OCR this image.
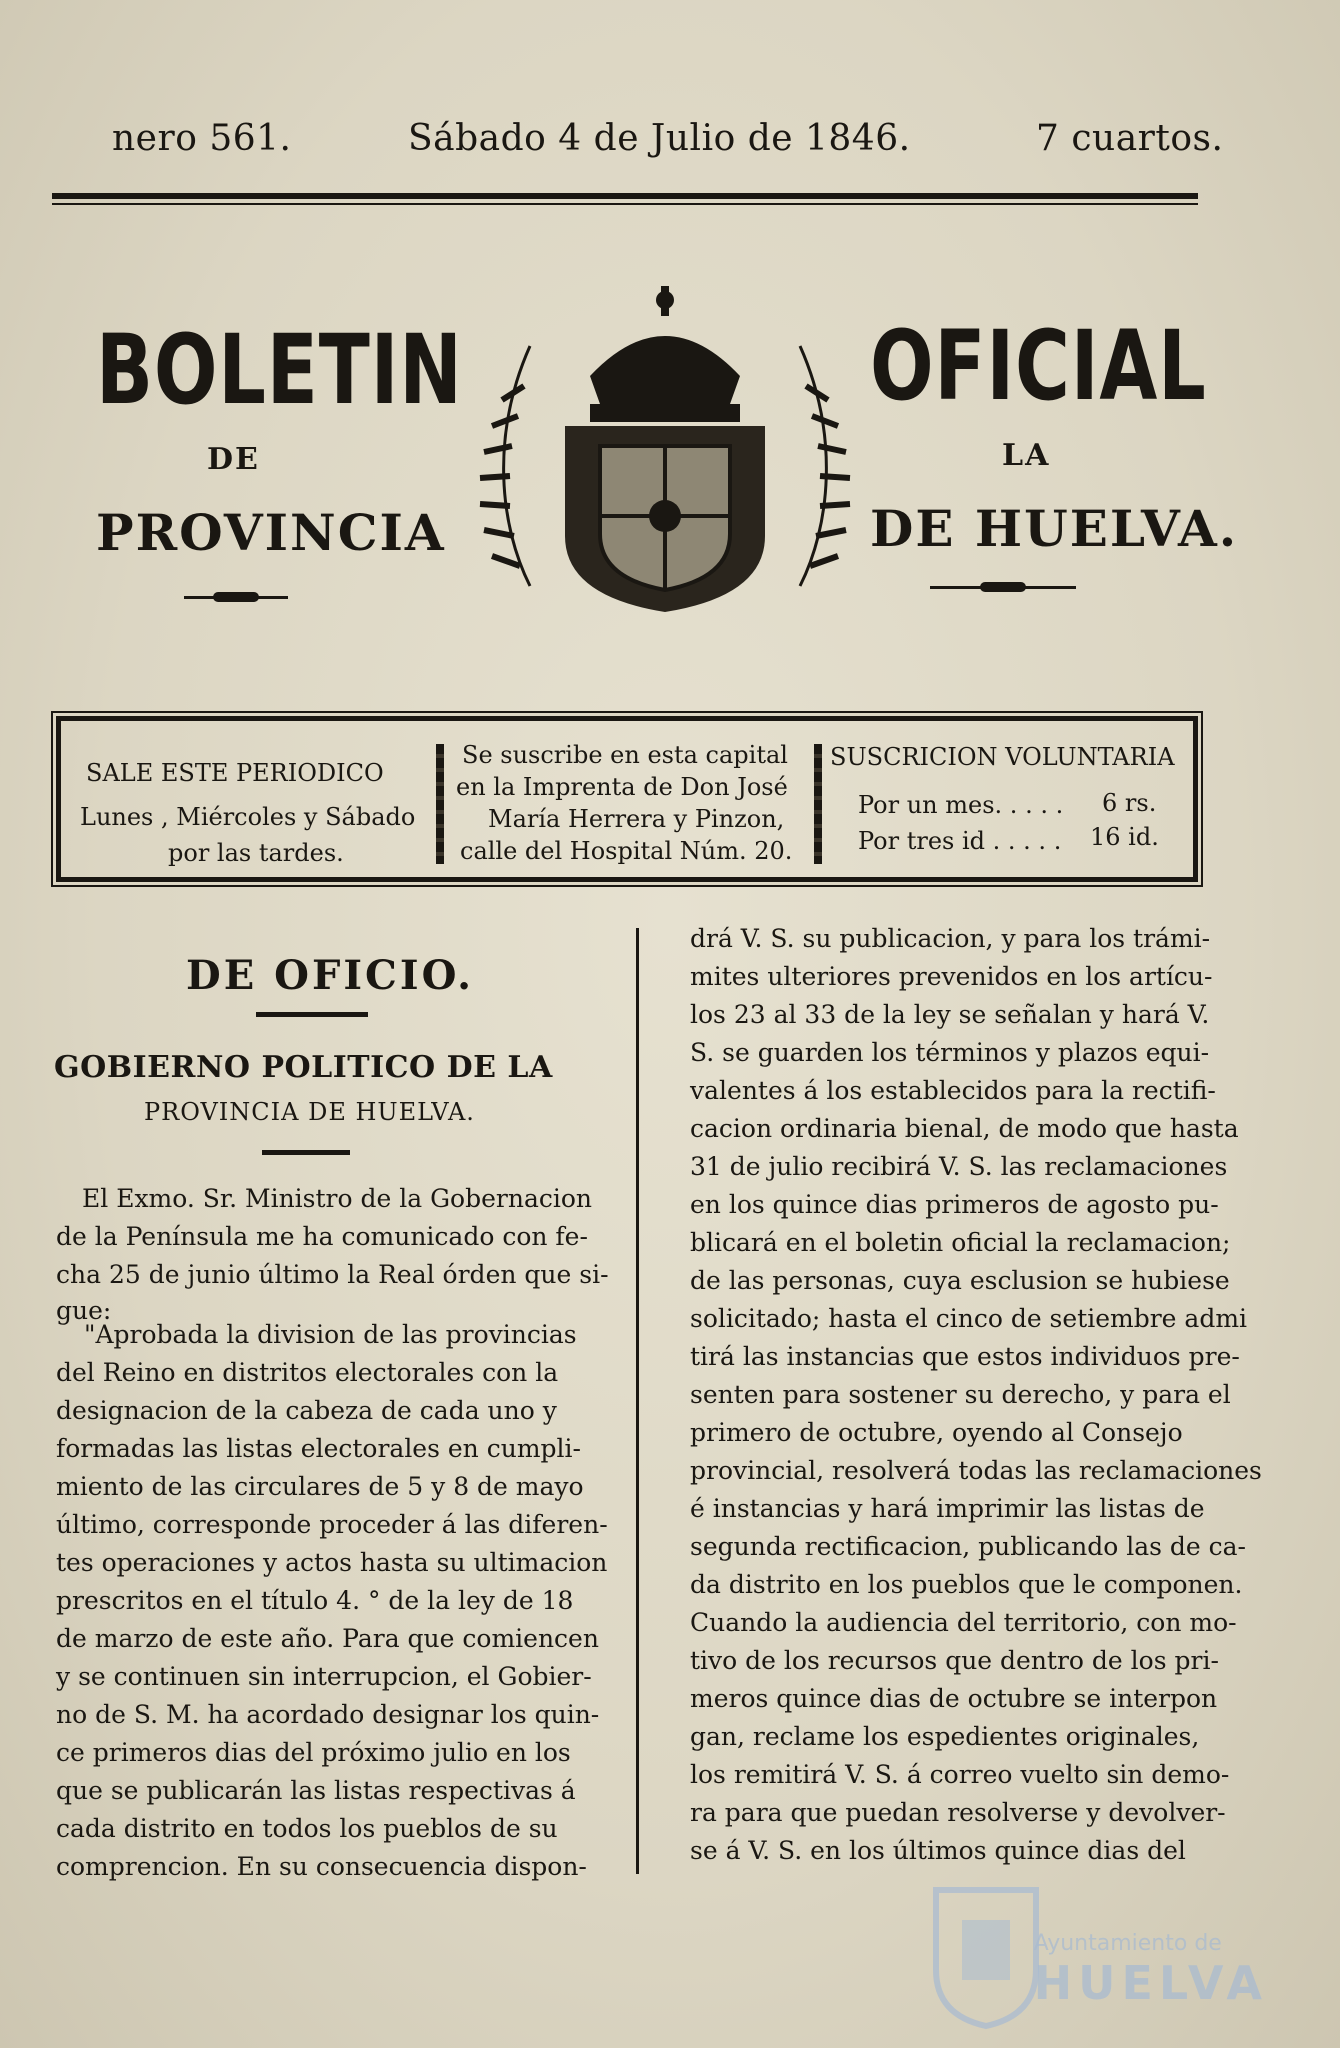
nero 561.	Sábado 4 de Julio de 1846.	7 cuartos.
BOLETIN	OFICIAL
DE	LA
PROVINCIA	DE HUELVA.
SALE ESTE PERIODICO
Lunes , Miércoles y Sábado
por las tardes.
Se suscribe en esta capital
en la Imprenta de Don José
María Herrera y Pinzon,
calle del Hospital Núm. 20.
SUSCRICION VOLUNTARIA
Por un mes. . . . . 6 rs.
Por tres id . . . . . 16 id.
DE OFICIO.
GOBIERNO POLITICO DE LA
PROVINCIA DE HUELVA.
El Exmo. Sr. Ministro de la Gobernacion
de la Península me ha comunicado con fe-
cha 25 de junio último la Real órden que si-
gue:
"Aprobada la division de las provincias
del Reino en distritos electorales con la
designacion de la cabeza de cada uno y
formadas las listas electorales en cumpli-
miento de las circulares de 5 y 8 de mayo
último, corresponde proceder á las diferen-
tes operaciones y actos hasta su ultimacion
prescritos en el título 4. ° de la ley de 18
de marzo de este año. Para que comiencen
y se continuen sin interrupcion, el Gobier-
no de S. M. ha acordado designar los quin-
ce primeros dias del próximo julio en los
que se publicarán las listas respectivas á
cada distrito en todos los pueblos de su
comprencion. En su consecuencia dispon-
drá V. S. su publicacion, y para los trámi-
mites ulteriores prevenidos en los artícu-
los 23 al 33 de la ley se señalan y hará V.
S. se guarden los términos y plazos equi-
valentes á los establecidos para la rectifi-
cacion ordinaria bienal, de modo que hasta
31 de julio recibirá V. S. las reclamaciones
en los quince dias primeros de agosto pu-
blicará en el boletin oficial la reclamacion;
de las personas, cuya esclusion se hubiese
solicitado; hasta el cinco de setiembre admi
tirá las instancias que estos individuos pre-
senten para sostener su derecho, y para el
primero de octubre, oyendo al Consejo
provincial, resolverá todas las reclamaciones
é instancias y hará imprimir las listas de
segunda rectificacion, publicando las de ca-
da distrito en los pueblos que le componen.
Cuando la audiencia del territorio, con mo-
tivo de los recursos que dentro de los pri-
meros quince dias de octubre se interpon
gan, reclame los espedientes originales,
los remitirá V. S. á correo vuelto sin demo-
ra para que puedan resolverse y devolver-
se á V. S. en los últimos quince dias del
Ayuntamiento de
HUELVA
